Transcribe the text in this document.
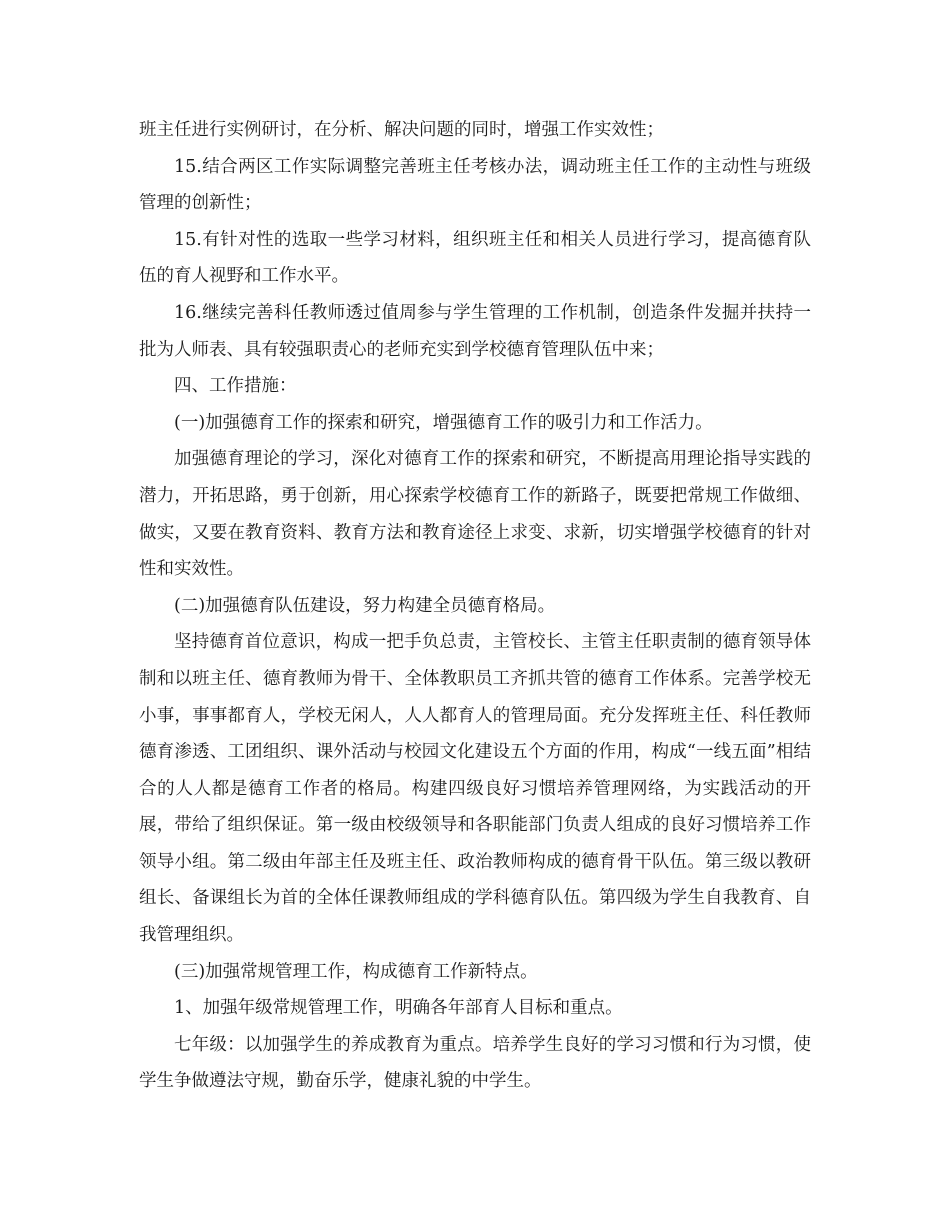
班主任进行实例研讨，在分析、解决问题的同时，增强工作实效性；

15.结合两区工作实际调整完善班主任考核办法，调动班主任工作的主动性与班级管理的创新性；

15.有针对性的选取一些学习材料，组织班主任和相关人员进行学习，提高德育队伍的育人视野和工作水平。

16.继续完善科任教师透过值周参与学生管理的工作机制，创造条件发掘并扶持一批为人师表、具有较强职责心的老师充实到学校德育管理队伍中来；

四、工作措施：

(一)加强德育工作的探索和研究，增强德育工作的吸引力和工作活力。

加强德育理论的学习，深化对德育工作的探索和研究，不断提高用理论指导实践的潜力，开拓思路，勇于创新，用心探索学校德育工作的新路子，既要把常规工作做细、做实，又要在教育资料、教育方法和教育途径上求变、求新，切实增强学校德育的针对性和实效性。

(二)加强德育队伍建设，努力构建全员德育格局。

坚持德育首位意识，构成一把手负总责，主管校长、主管主任职责制的德育领导体制和以班主任、德育教师为骨干、全体教职员工齐抓共管的德育工作体系。完善学校无小事，事事都育人，学校无闲人，人人都育人的管理局面。充分发挥班主任、科任教师德育渗透、工团组织、课外活动与校园文化建设五个方面的作用，构成“一线五面”相结合的人人都是德育工作者的格局。构建四级良好习惯培养管理网络，为实践活动的开展，带给了组织保证。第一级由校级领导和各职能部门负责人组成的良好习惯培养工作领导小组。第二级由年部主任及班主任、政治教师构成的德育骨干队伍。第三级以教研组长、备课组长为首的全体任课教师组成的学科德育队伍。第四级为学生自我教育、自我管理组织。

(三)加强常规管理工作，构成德育工作新特点。

1、加强年级常规管理工作，明确各年部育人目标和重点。

七年级：以加强学生的养成教育为重点。培养学生良好的学习习惯和行为习惯，使学生争做遵法守规，勤奋乐学，健康礼貌的中学生。
